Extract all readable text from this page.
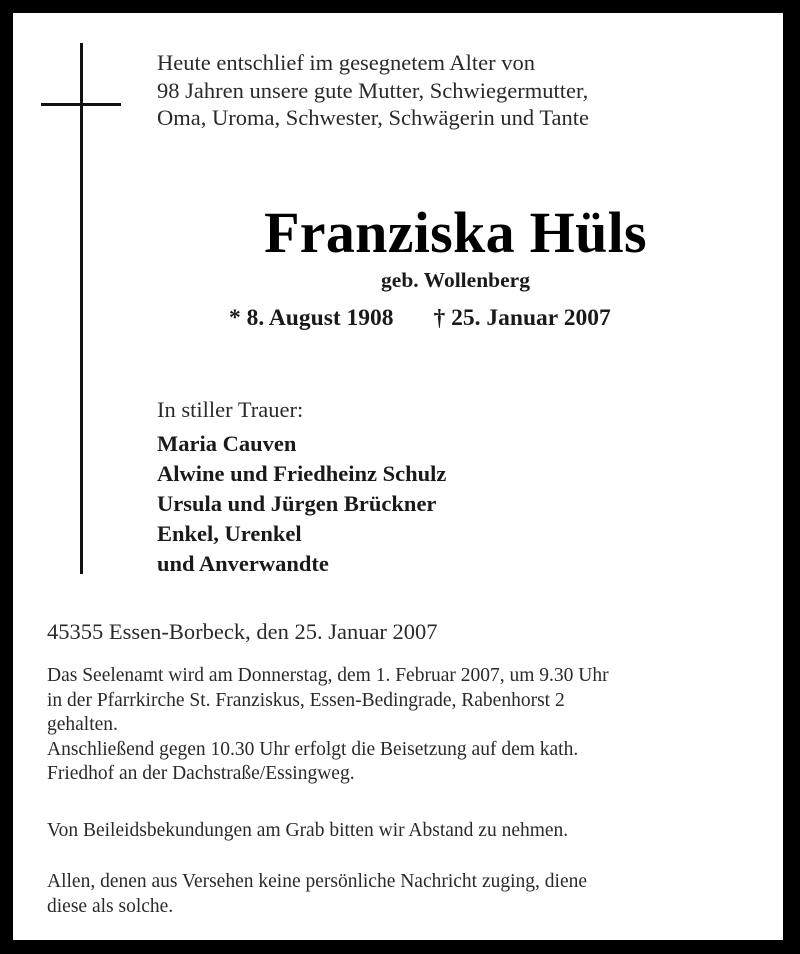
Heute entschlief im gesegnetem Alter von
98 Jahren unsere gute Mutter, Schwiegermutter,
Oma, Uroma, Schwester, Schwägerin und Tante
Franziska Hüls
geb. Wollenberg
* 8. August 1908 † 25. Januar 2007
In stiller Trauer:
Maria Cauven
Alwine und Friedheinz Schulz
Ursula und Jürgen Brückner
Enkel, Urenkel
und Anverwandte
45355 Essen-Borbeck, den 25. Januar 2007
Das Seelenamt wird am Donnerstag, dem 1. Februar 2007, um 9.30 Uhr
in der Pfarrkirche St. Franziskus, Essen-Bedingrade, Rabenhorst 2
gehalten.
Anschließend gegen 10.30 Uhr erfolgt die Beisetzung auf dem kath.
Friedhof an der Dachstraße/Essingweg.
Von Beileidsbekundungen am Grab bitten wir Abstand zu nehmen.
Allen, denen aus Versehen keine persönliche Nachricht zuging, diene
diese als solche.
